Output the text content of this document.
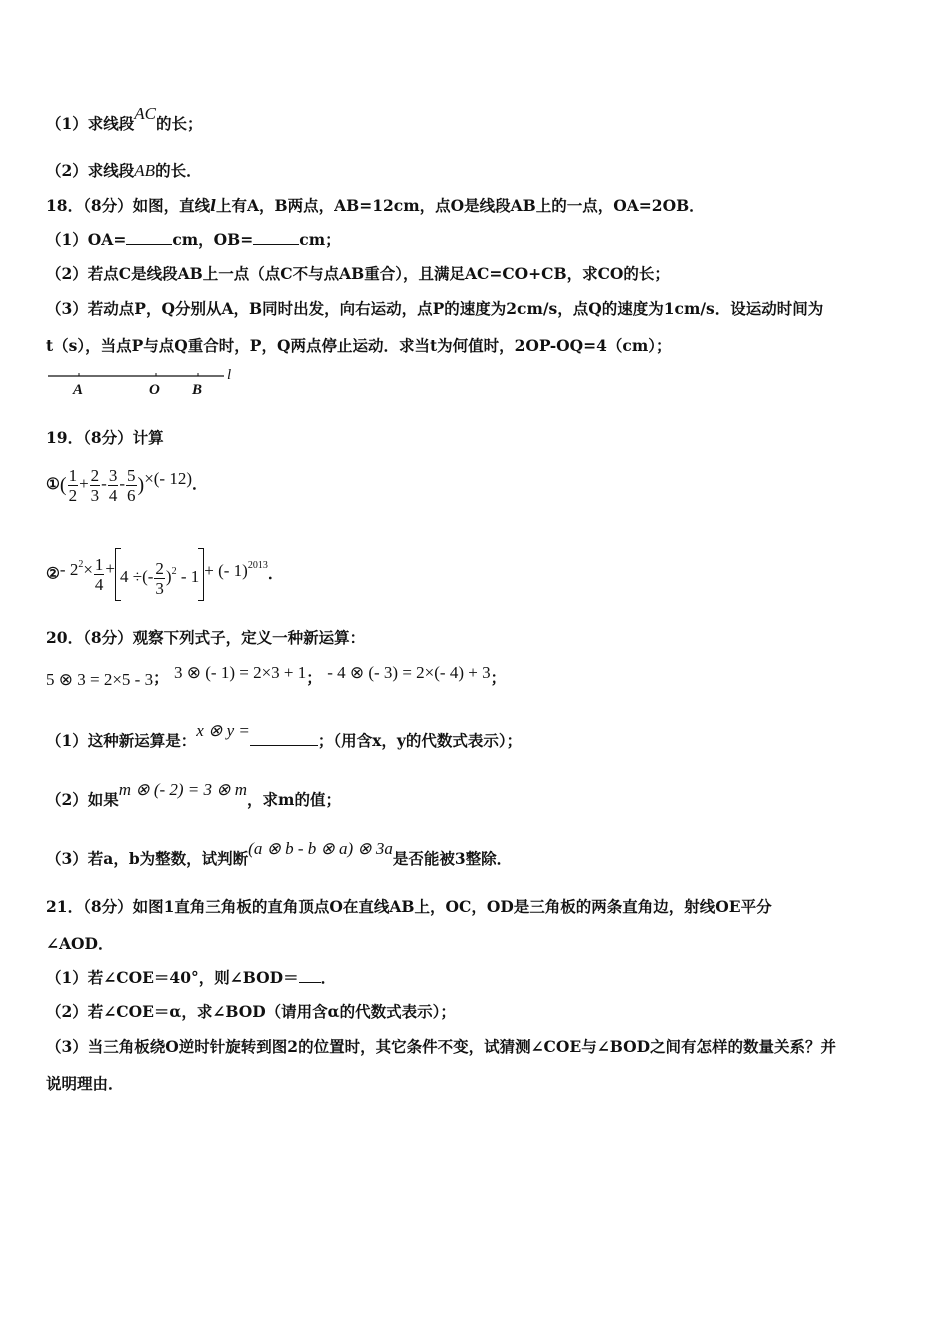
（1）求线段AC的长；
（2）求线段AB的长．
18．（8分）如图，直线l上有A，B两点，AB=12cm，点O是线段AB上的一点，OA=2OB．
（1）OA=	cm，OB=	cm；
（2）若点C是线段AB上一点（点C不与点AB重合），且满足AC=CO+CB，求CO的长；
（3）若动点P，Q分别从A，B同时出发，向右运动，点P的速度为2cm/s，点Q的速度为1cm/s．设运动时间为
t（s），当点P与点Q重合时，P，Q两点停止运动．求当t为何值时，2OP-OQ=4（cm）；
A	O B
l
19．（8分）计算
①( $\frac{1}{2} + \frac{2}{3} - \frac{3}{4} - \frac{5}{6}$ )×(- 12)．
②- $2^2\times \frac{1}{4} + 4$ ÷(- $\frac{2}{3} )^2 - 1$ + (- 1)$^{2013}$．
20．（8分）观察下列式子，定义一种新运算：
5 ⊗ 3 = 2×5 - 3； 3 ⊗ (- 1) = 2×3 + 1； - 4 ⊗ (- 3) = 2×(- 4) + 3；
（1）这种新运算是：x ⊗ y =；（用含x，y的代数式表示）；
（2）如果m ⊗ (- 2) = 3 ⊗ m，求m的值；
（3）若a，b为整数，试判断(a ⊗ b - b ⊗ a) ⊗ 3a是否能被3整除．
21．（8分）如图1直角三角板的直角顶点O在直线AB上，OC，OD是三角板的两条直角边，射线OE平分
∠AOD．
（1）若∠COE＝40°，则∠BOD＝ ．
（2）若∠COE＝α，求∠BOD（请用含α的代数式表示）；
（3）当三角板绕O逆时针旋转到图2的位置时，其它条件不变，试猜测∠COE与∠BOD之间有怎样的数量关系？并
说明理由．
